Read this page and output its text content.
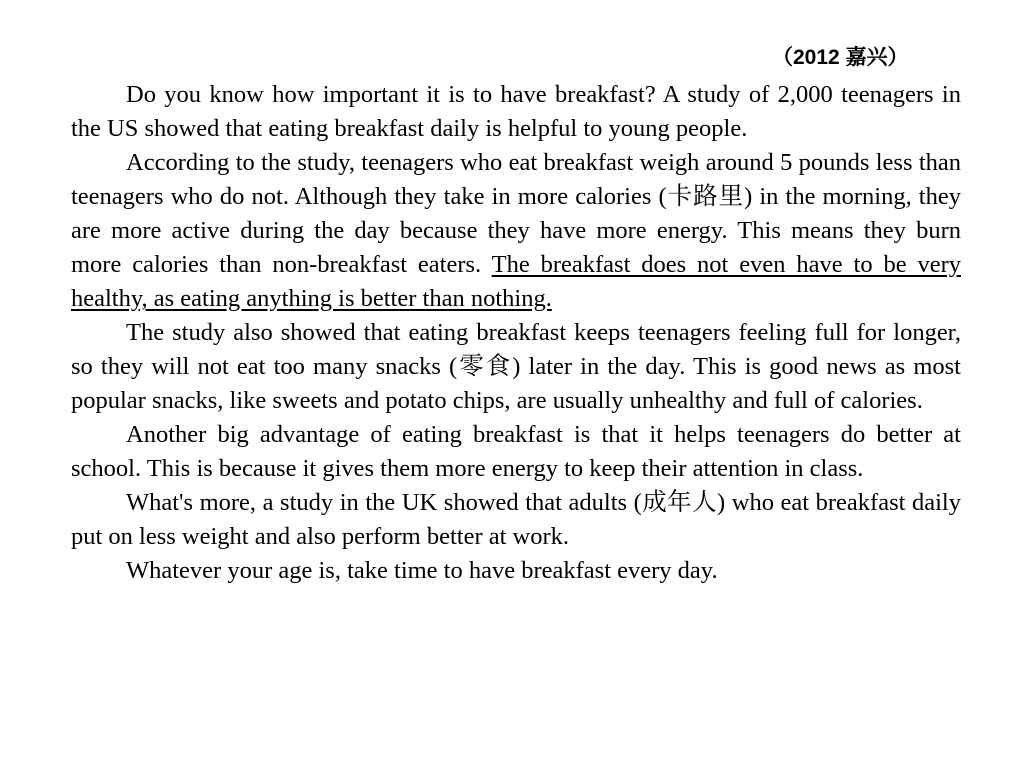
（2012 嘉兴）

Do you know how important it is to have breakfast? A study of 2,000 teenagers in the US showed that eating breakfast daily is helpful to young people.

According to the study, teenagers who eat breakfast weigh around 5 pounds less than teenagers who do not. Although they take in more calories (卡路里) in the morning, they are more active during the day because they have more energy. This means they burn more calories than non-breakfast eaters. The breakfast does not even have to be very healthy, as eating anything is better than nothing.

The study also showed that eating breakfast keeps teenagers feeling full for longer, so they will not eat too many snacks (零食) later in the day. This is good news as most popular snacks, like sweets and potato chips, are usually unhealthy and full of calories.

Another big advantage of eating breakfast is that it helps teenagers do better at school. This is because it gives them more energy to keep their attention in class.

What's more, a study in the UK showed that adults (成年人) who eat breakfast daily put on less weight and also perform better at work.

Whatever your age is, take time to have breakfast every day.
